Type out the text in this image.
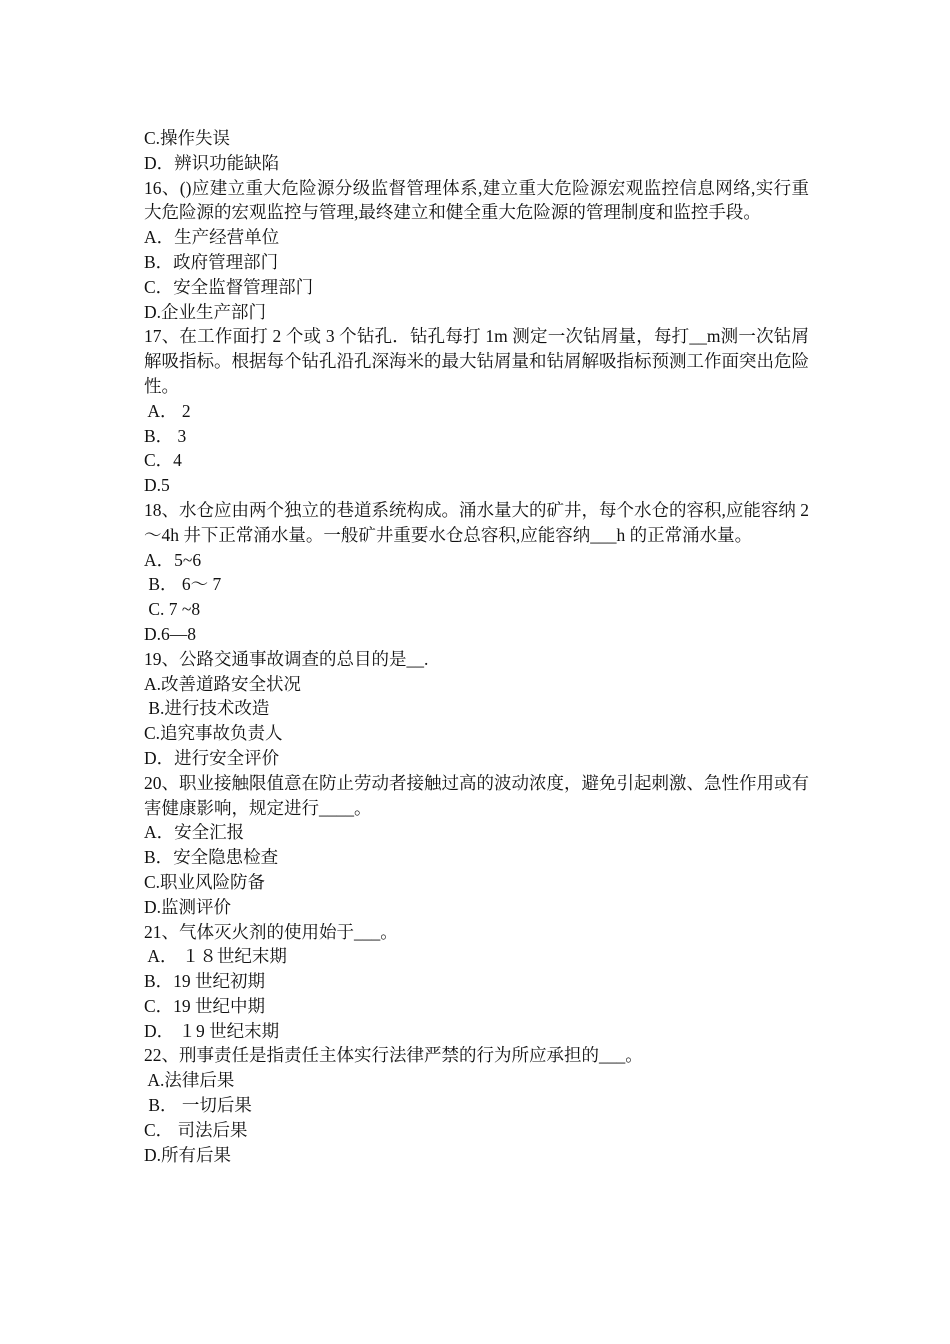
C.操作失误

D．辨识功能缺陷

16、()应建立重大危险源分级监督管理体系,建立重大危险源宏观监控信息网络,实行重大危险源的宏观监控与管理,最终建立和健全重大危险源的管理制度和监控手段。

A．生产经营单位

B．政府管理部门

C．安全监督管理部门

D.企业生产部门

17、在工作面打 2 个或 3 个钻孔．钻孔每打 1m 测定一次钻屑量，每打__m测一次钻屑解吸指标。根据每个钻孔沿孔深海米的最大钻屑量和钻屑解吸指标预测工作面突出危险性。

A． 2

B． 3

C．4

D.5

18、水仓应由两个独立的巷道系统构成。涌水量大的矿井，每个水仓的容积,应能容纳 2 ～4h 井下正常涌水量。一般矿井重要水仓总容积,应能容纳___h 的正常涌水量。

A．5~6

B． 6～ 7

C. 7 ~8

D.6—8

19、公路交通事故调查的总目的是__.

A.改善道路安全状况

B.进行技术改造

C.追究事故负责人

D．进行安全评价

20、职业接触限值意在防止劳动者接触过高的波动浓度，避免引起刺激、急性作用或有害健康影响，规定进行____。

A．安全汇报

B．安全隐患检查

C.职业风险防备

D.监测评价

21、气体灭火剂的使用始于___。

A． １８世纪末期

B．19 世纪初期

C．19 世纪中期

D． １9 世纪末期

22、刑事责任是指责任主体实行法律严禁的行为所应承担的___。

A.法律后果

B． 一切后果

C． 司法后果

D.所有后果
